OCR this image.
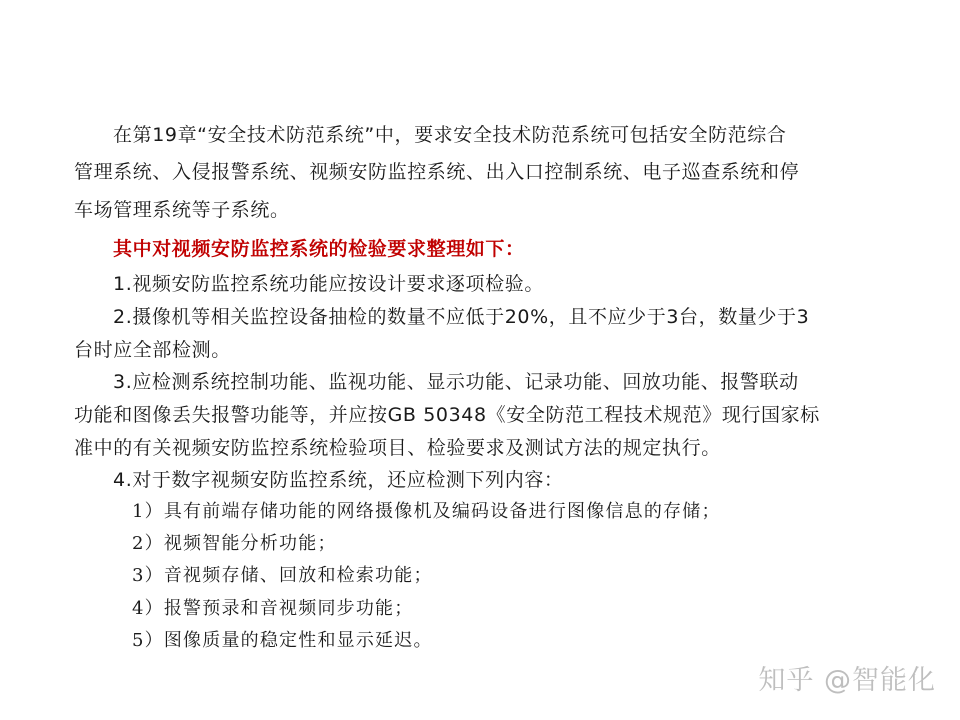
在第19章“安全技术防范系统”中，要求安全技术防范系统可包括安全防范综合
管理系统、入侵报警系统、视频安防监控系统、出入口控制系统、电子巡查系统和停
车场管理系统等子系统。
其中对视频安防监控系统的检验要求整理如下：
1.视频安防监控系统功能应按设计要求逐项检验。
2.摄像机等相关监控设备抽检的数量不应低于20%，且不应少于3台，数量少于3
台时应全部检测。
3.应检测系统控制功能、监视功能、显示功能、记录功能、回放功能、报警联动
功能和图像丢失报警功能等，并应按GB 50348《安全防范工程技术规范》现行国家标
准中的有关视频安防监控系统检验项目、检验要求及测试方法的规定执行。
4.对于数字视频安防监控系统，还应检测下列内容：
1）具有前端存储功能的网络摄像机及编码设备进行图像信息的存储；
2）视频智能分析功能；
3）音视频存储、回放和检索功能；
4）报警预录和音视频同步功能；
5）图像质量的稳定性和显示延迟。
知乎 @智能化
